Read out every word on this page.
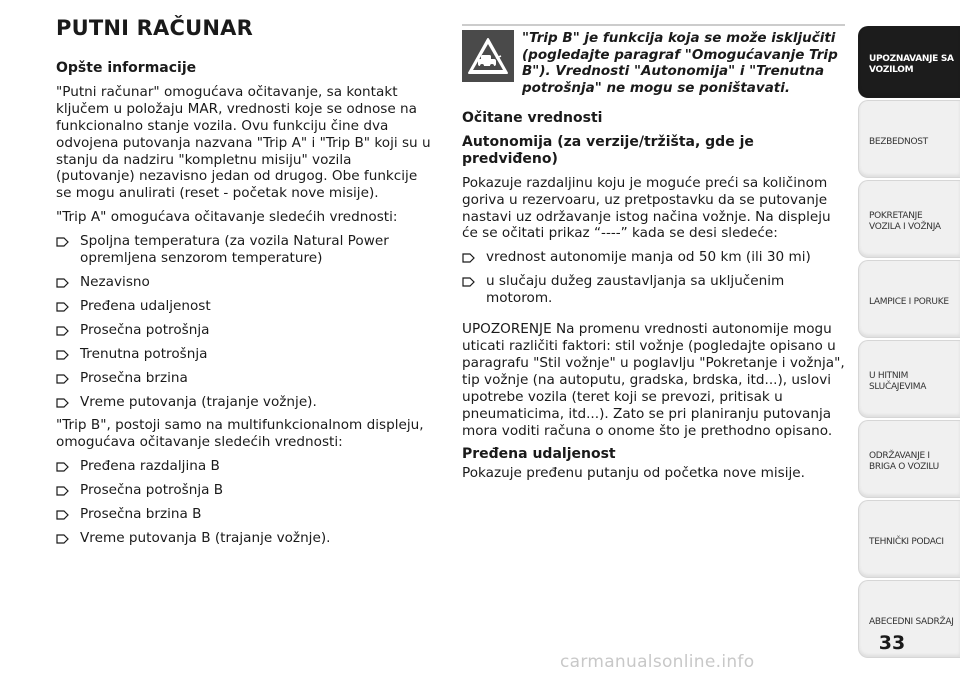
PUTNI RAČUNAR

Opšte informacije

"Putni računar" omogućava očitavanje, sa kontakt ključem u položaju MAR, vrednosti koje se odnose na funkcionalno stanje vozila. Ovu funkciju čine dva odvojena putovanja nazvana "Trip A" i "Trip B" koji su u stanju da nadziru "kompletnu misiju" vozila (putovanje) nezavisno jedan od drugog. Obe funkcije se mogu anulirati (reset - početak nove misije).

"Trip A" omogućava očitavanje sledećih vrednosti:

Spoljna temperatura (za vozila Natural Power opremljena senzorom temperature)
Nezavisno
Pređena udaljenost
Prosečna potrošnja
Trenutna potrošnja
Prosečna brzina
Vreme putovanja (trajanje vožnje).

"Trip B", postoji samo na multifunkcionalnom displeju, omogućava očitavanje sledećih vrednosti:

Pređena razdaljina B
Prosečna potrošnja B
Prosečna brzina B
Vreme putovanja B (trajanje vožnje).
"Trip B" je funkcija koja se može isključiti (pogledajte paragraf "Omogućavanje Trip B"). Vrednosti "Autonomija" i "Trenutna potrošnja" ne mogu se poništavati.

Očitane vrednosti

Autonomija (za verzije/tržišta, gde je predviđeno)

Pokazuje razdaljinu koju je moguće preći sa količinom goriva u rezervoaru, uz pretpostavku da se putovanje nastavi uz održavanje istog načina vožnje. Na displeju će se očitati prikaz “----” kada se desi sledeće:

vrednost autonomije manja od 50 km (ili 30 mi)
u slučaju dužeg zaustavljanja sa uključenim motorom.

UPOZORENJE Na promenu vrednosti autonomije mogu uticati različiti faktori: stil vožnje (pogledajte opisano u paragrafu "Stil vožnje" u poglavlju "Pokretanje i vožnja", tip vožnje (na autoputu, gradska, brdska, itd...), uslovi upotrebe vozila (teret koji se prevozi, pritisak u pneumaticima, itd...). Zato se pri planiranju putovanja mora voditi računa o onome što je prethodno opisano.

Pređena udaljenost

Pokazuje pređenu putanju od početka nove misije.

UPOZNAVANJE SA VOZILOM
BEZBEDNOST
POKRETANJE VOZILA I VOŽNJA
LAMPICE I PORUKE
U HITNIM SLUČAJEVIMA
ODRŽAVANJE I BRIGA O VOZILU
TEHNIČKI PODACI
ABECEDNI SADRŽAJ
33
carmanualsonline.info
